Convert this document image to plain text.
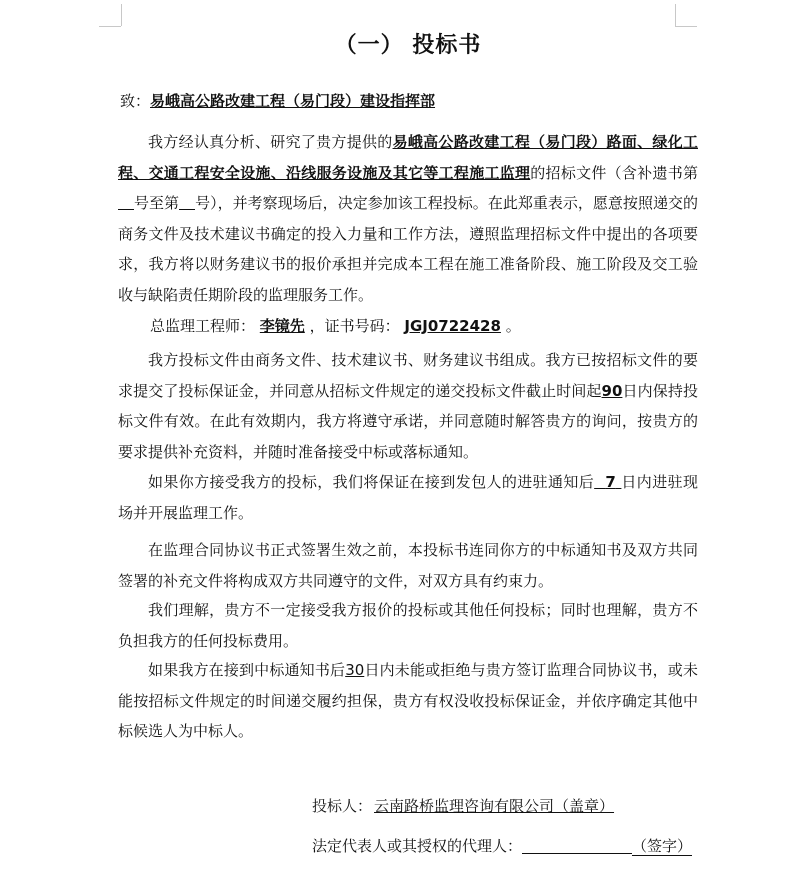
（一） 投标书
致：易峨高公路改建工程（易门段）建设指挥部
我方经认真分析、研究了贵方提供的易峨高公路改建工程（易门段）路面、绿化工程、交通工程安全设施、沿线服务设施及其它等工程施工监理的招标文件（含补遗书第号至第 号），并考察现场后，决定参加该工程投标。在此郑重表示，愿意按照递交的商务文件及技术建议书确定的投入力量和工作方法，遵照监理招标文件中提出的各项要求，我方将以财务建议书的报价承担并完成本工程在施工准备阶段、施工阶段及交工验收与缺陷责任期阶段的监理服务工作。
总监理工程师： 李镜先 ，证书号码： JGJ0722428 。
我方投标文件由商务文件、技术建议书、财务建议书组成。我方已按招标文件的要求提交了投标保证金，并同意从招标文件规定的递交投标文件截止时间起90日内保持投标文件有效。在此有效期内，我方将遵守承诺，并同意随时解答贵方的询问，按贵方的要求提供补充资料，并随时准备接受中标或落标通知。
如果你方接受我方的投标，我们将保证在接到发包人的进驻通知后 7 日内进驻现场并开展监理工作。
在监理合同协议书正式签署生效之前，本投标书连同你方的中标通知书及双方共同签署的补充文件将构成双方共同遵守的文件，对双方具有约束力。
我们理解，贵方不一定接受我方报价的投标或其他任何投标；同时也理解，贵方不负担我方的任何投标费用。
如果我方在接到中标通知书后30日内未能或拒绝与贵方签订监理合同协议书，或未能按招标文件规定的时间递交履约担保，贵方有权没收投标保证金，并依序确定其他中标候选人为中标人。
投标人： 云南路桥监理咨询有限公司（盖章）
法定代表人或其授权的代理人：	（签字）
